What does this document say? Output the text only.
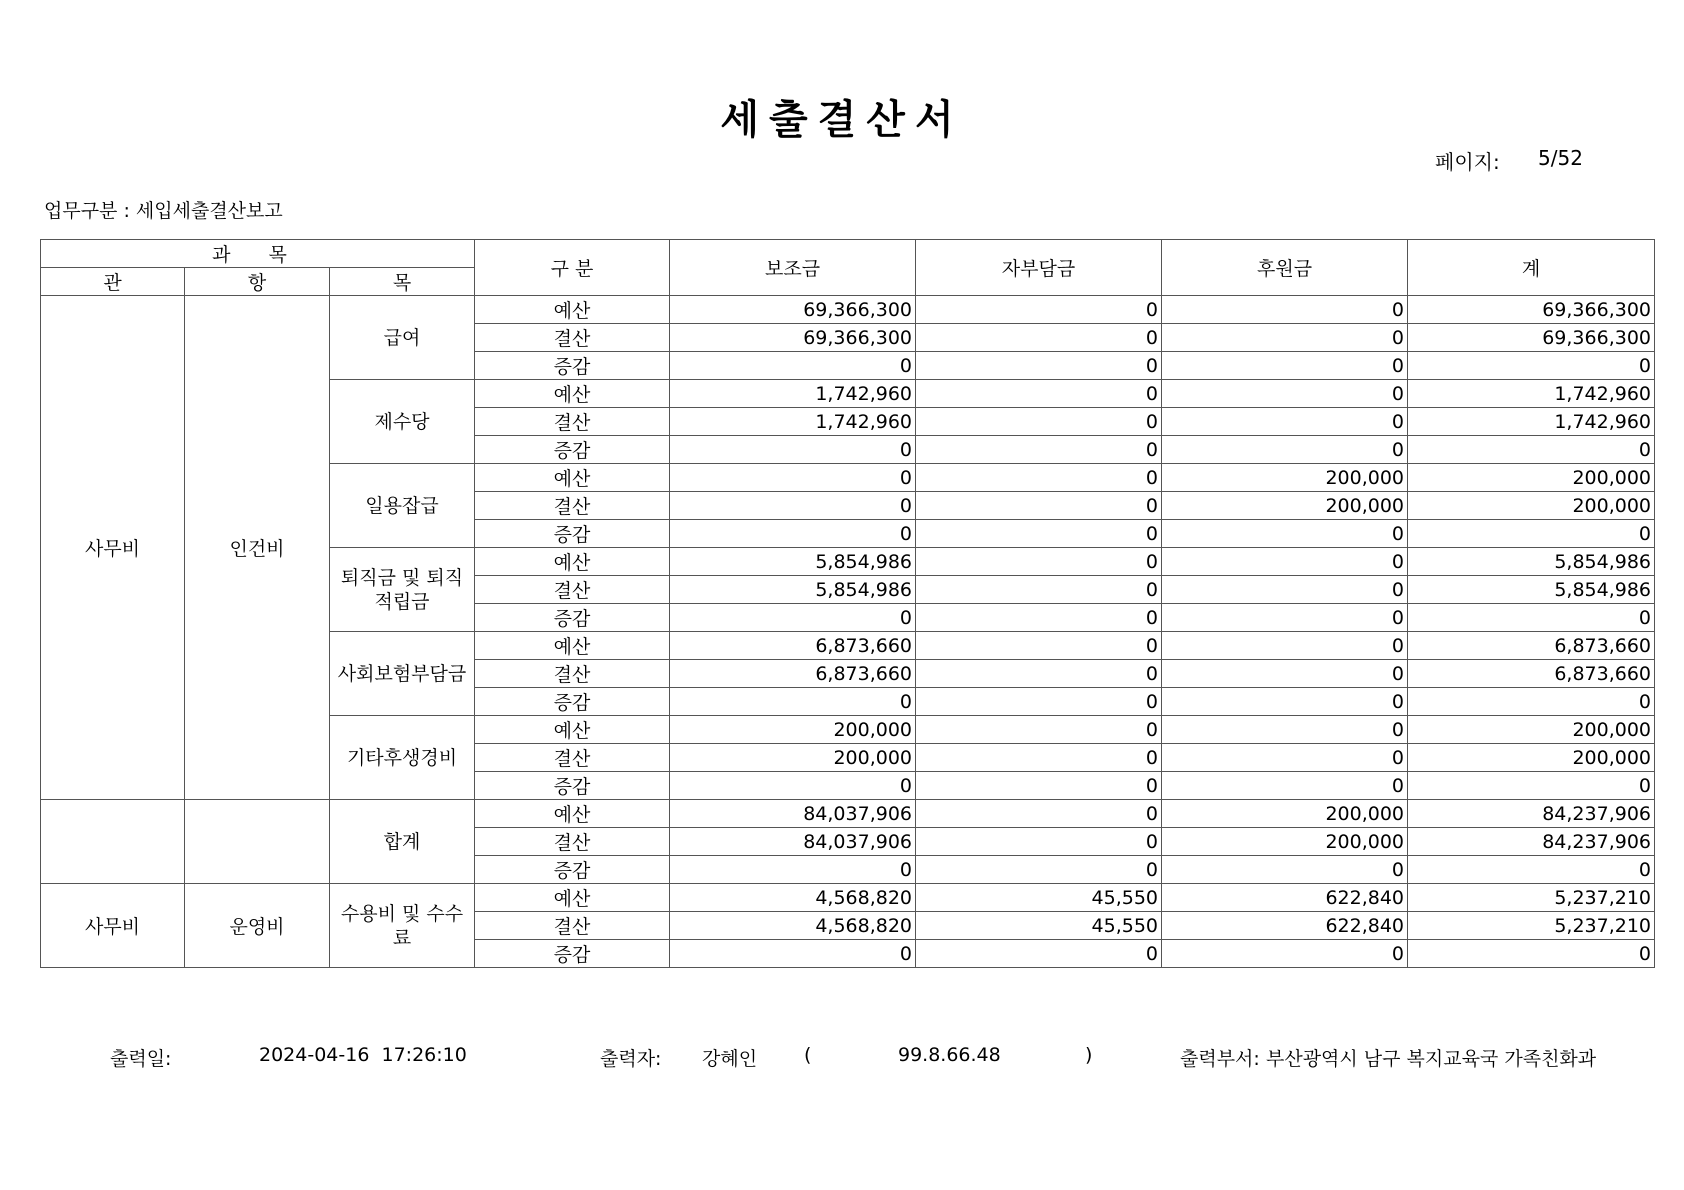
세출결산서
페이지: 5/52
업무구분 : 세입세출결산보고
과 목			구 분	보조금	자부담금	후원금	계
관	항	목					
사무비	인건비	급여	예산	69,366,300	0	0	69,366,300
			결산	69,366,300	0	0	69,366,300
			증감	0	0	0	0
		제수당	예산	1,742,960	0	0	1,742,960
			결산	1,742,960	0	0	1,742,960
			증감	0	0	0	0
		일용잡급	예산	0	0	200,000	200,000
			결산	0	0	200,000	200,000
			증감	0	0	0	0
		퇴직금 및 퇴직적립금	예산	5,854,986	0	0	5,854,986
			결산	5,854,986	0	0	5,854,986
			증감	0	0	0	0
		사회보험부담금	예산	6,873,660	0	0	6,873,660
			결산	6,873,660	0	0	6,873,660
			증감	0	0	0	0
		기타후생경비	예산	200,000	0	0	200,000
			결산	200,000	0	0	200,000
			증감	0	0	0	0
		합계	예산	84,037,906	0	200,000	84,237,906
			결산	84,037,906	0	200,000	84,237,906
			증감	0	0	0	0
사무비	운영비	수용비 및 수수료	예산	4,568,820	45,550	622,840	5,237,210
			결산	4,568,820	45,550	622,840	5,237,210
			증감	0	0	0	0
출력일:	2024-04-16  17:26:10	출력자: 강혜인 (	99.8.66.48	)	출력부서: 부산광역시 남구 복지교육국 가족친화과
